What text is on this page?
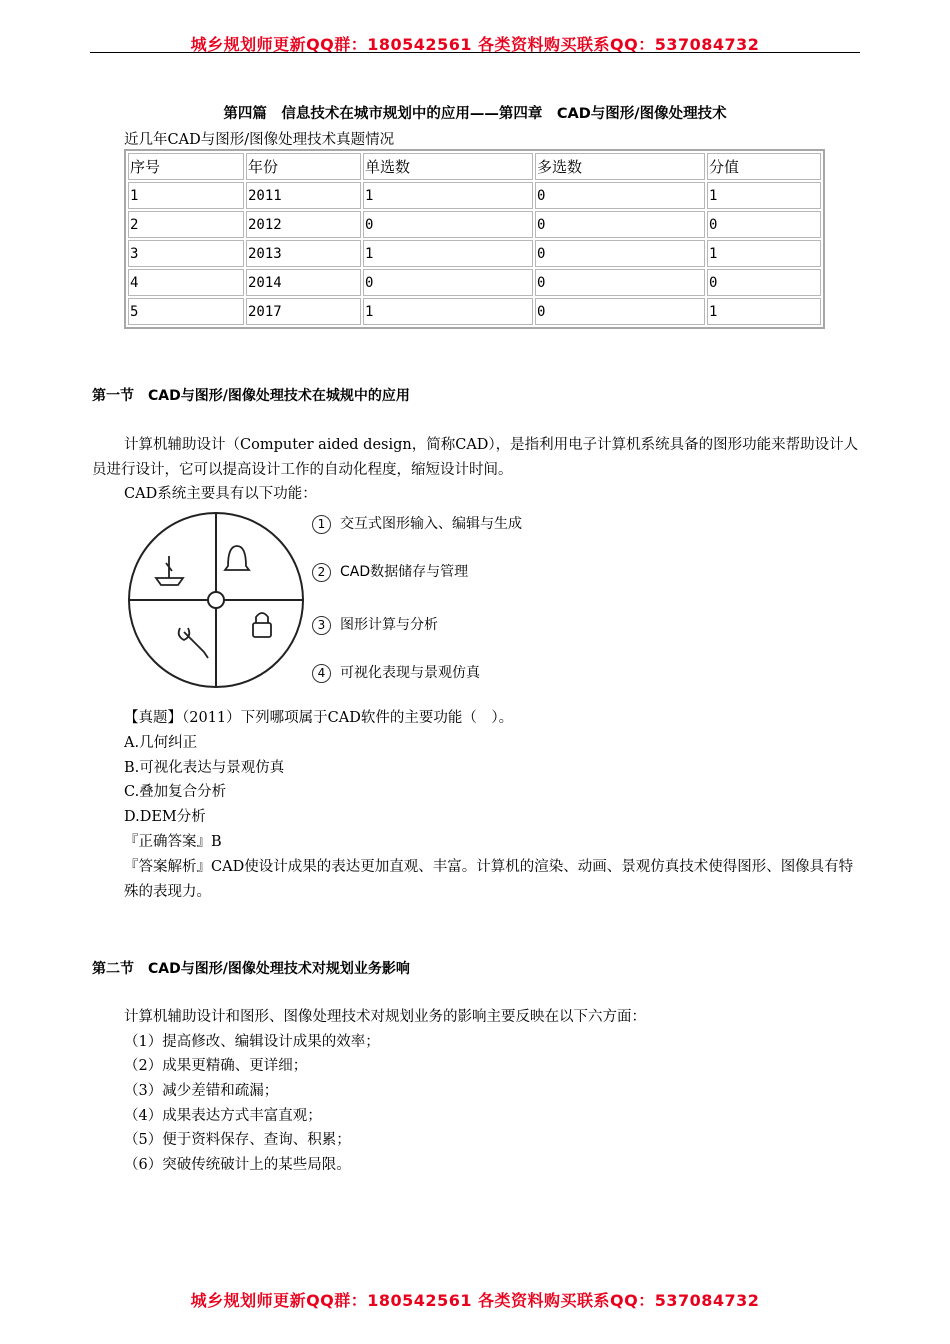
城乡规划师更新QQ群：180542561 各类资料购买联系QQ：537084732
第四篇　信息技术在城市规划中的应用——第四章　CAD与图形/图像处理技术
近几年CAD与图形/图像处理技术真题情况
序号	年份	单选数	多选数	分值
1	2011	1	0	1
2	2012	0	0	0
3	2013	1	0	1
4	2014	0	0	0
5	2017	1	0	1
第一节　CAD与图形/图像处理技术在城规中的应用
计算机辅助设计（Computer aided design，简称CAD），是指利用电子计算机系统具备的图形功能来帮助设计人员进行设计，它可以提高设计工作的自动化程度，缩短设计时间。
CAD系统主要具有以下功能：
1 交互式图形输入、编辑与生成
2 CAD数据储存与管理
3 图形计算与分析
4 可视化表现与景观仿真
【真题】（2011）下列哪项属于CAD软件的主要功能（　）。
A.几何纠正
B.可视化表达与景观仿真
C.叠加复合分析
D.DEM分析
『正确答案』B
『答案解析』CAD使设计成果的表达更加直观、丰富。计算机的渲染、动画、景观仿真技术使得图形、图像具有特殊的表现力。
第二节　CAD与图形/图像处理技术对规划业务影响
计算机辅助设计和图形、图像处理技术对规划业务的影响主要反映在以下六方面：
（1）提高修改、编辑设计成果的效率；
（2）成果更精确、更详细；
（3）减少差错和疏漏；
（4）成果表达方式丰富直观；
（5）便于资料保存、查询、积累；
（6）突破传统破计上的某些局限。
城乡规划师更新QQ群：180542561 各类资料购买联系QQ：537084732
